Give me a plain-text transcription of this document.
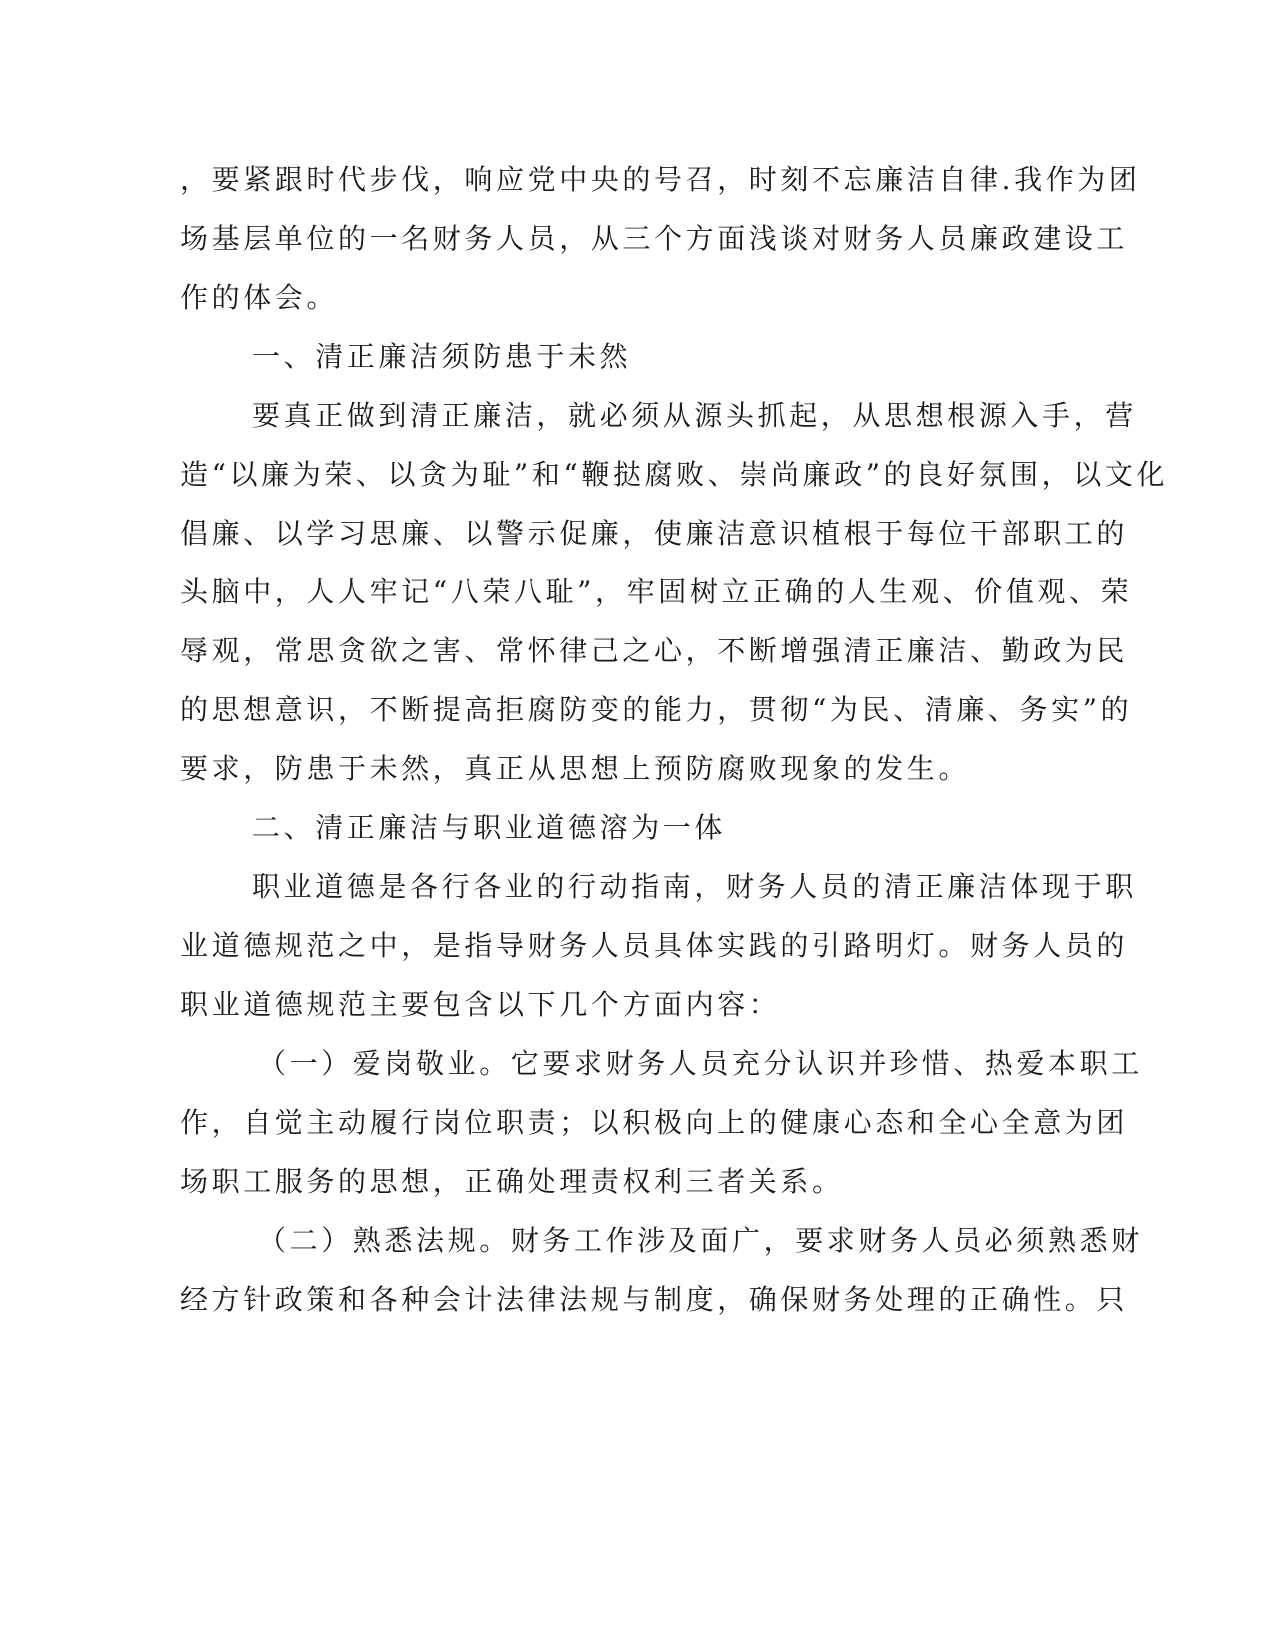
，要紧跟时代步伐，响应党中央的号召，时刻不忘廉洁自律.我作为团
场基层单位的一名财务人员，从三个方面浅谈对财务人员廉政建设工
作的体会。
一、清正廉洁须防患于未然
要真正做到清正廉洁，就必须从源头抓起，从思想根源入手，营
造“以廉为荣、以贪为耻”和“鞭挞腐败、崇尚廉政”的良好氛围，以文化
倡廉、以学习思廉、以警示促廉，使廉洁意识植根于每位干部职工的
头脑中，人人牢记“八荣八耻”，牢固树立正确的人生观、价值观、荣
辱观，常思贪欲之害、常怀律己之心，不断增强清正廉洁、勤政为民
的思想意识，不断提高拒腐防变的能力，贯彻“为民、清廉、务实”的
要求，防患于未然，真正从思想上预防腐败现象的发生。
二、清正廉洁与职业道德溶为一体
职业道德是各行各业的行动指南，财务人员的清正廉洁体现于职
业道德规范之中，是指导财务人员具体实践的引路明灯。财务人员的
职业道德规范主要包含以下几个方面内容：
（一）爱岗敬业。它要求财务人员充分认识并珍惜、热爱本职工
作，自觉主动履行岗位职责；以积极向上的健康心态和全心全意为团
场职工服务的思想，正确处理责权利三者关系。
（二）熟悉法规。财务工作涉及面广，要求财务人员必须熟悉财
经方针政策和各种会计法律法规与制度，确保财务处理的正确性。只
